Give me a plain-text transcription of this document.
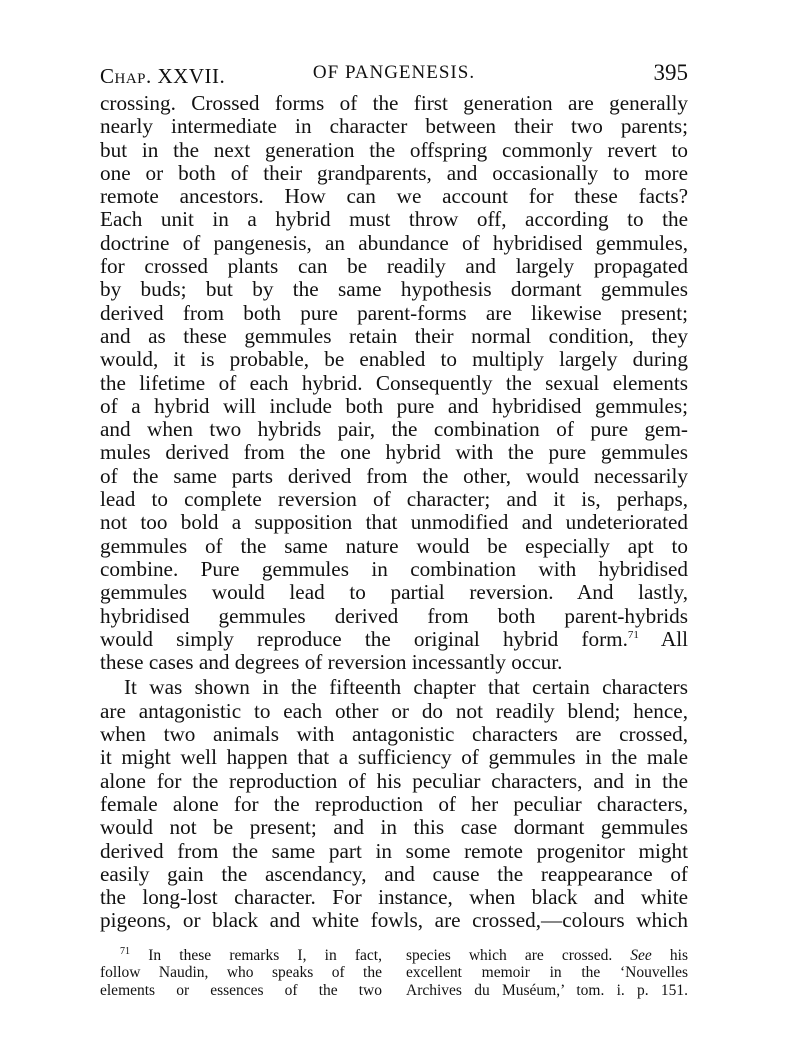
Chap. XXVII.	OF PANGENESIS.	395
crossing. Crossed forms of the first generation are generally
nearly intermediate in character between their two parents;
but in the next generation the offspring commonly revert to
one or both of their grandparents, and occasionally to more
remote ancestors. How can we account for these facts?
Each unit in a hybrid must throw off, according to the
doctrine of pangenesis, an abundance of hybridised gemmules,
for crossed plants can be readily and largely propagated
by buds; but by the same hypothesis dormant gemmules
derived from both pure parent-forms are likewise present;
and as these gemmules retain their normal condition, they
would, it is probable, be enabled to multiply largely during
the lifetime of each hybrid. Consequently the sexual elements
of a hybrid will include both pure and hybridised gemmules;
and when two hybrids pair, the combination of pure gem-
mules derived from the one hybrid with the pure gemmules
of the same parts derived from the other, would necessarily
lead to complete reversion of character; and it is, perhaps,
not too bold a supposition that unmodified and undeteriorated
gemmules of the same nature would be especially apt to
combine. Pure gemmules in combination with hybridised
gemmules would lead to partial reversion. And lastly,
hybridised gemmules derived from both parent-hybrids
would simply reproduce the original hybrid form.$^{71}$ All
these cases and degrees of reversion incessantly occur.
It was shown in the fifteenth chapter that certain characters
are antagonistic to each other or do not readily blend; hence,
when two animals with antagonistic characters are crossed,
it might well happen that a sufficiency of gemmules in the male
alone for the reproduction of his peculiar characters, and in the
female alone for the reproduction of her peculiar characters,
would not be present; and in this case dormant gemmules
derived from the same part in some remote progenitor might
easily gain the ascendancy, and cause the reappearance of
the long-lost character. For instance, when black and white
pigeons, or black and white fowls, are crossed,—colours which
$^{71}$ In these remarks I, in fact,
follow Naudin, who speaks of the
elements or essences of the two
species which are crossed. See his
excellent memoir in the ‘Nouvelles
Archives du Muséum,’ tom. i. p. 151.
